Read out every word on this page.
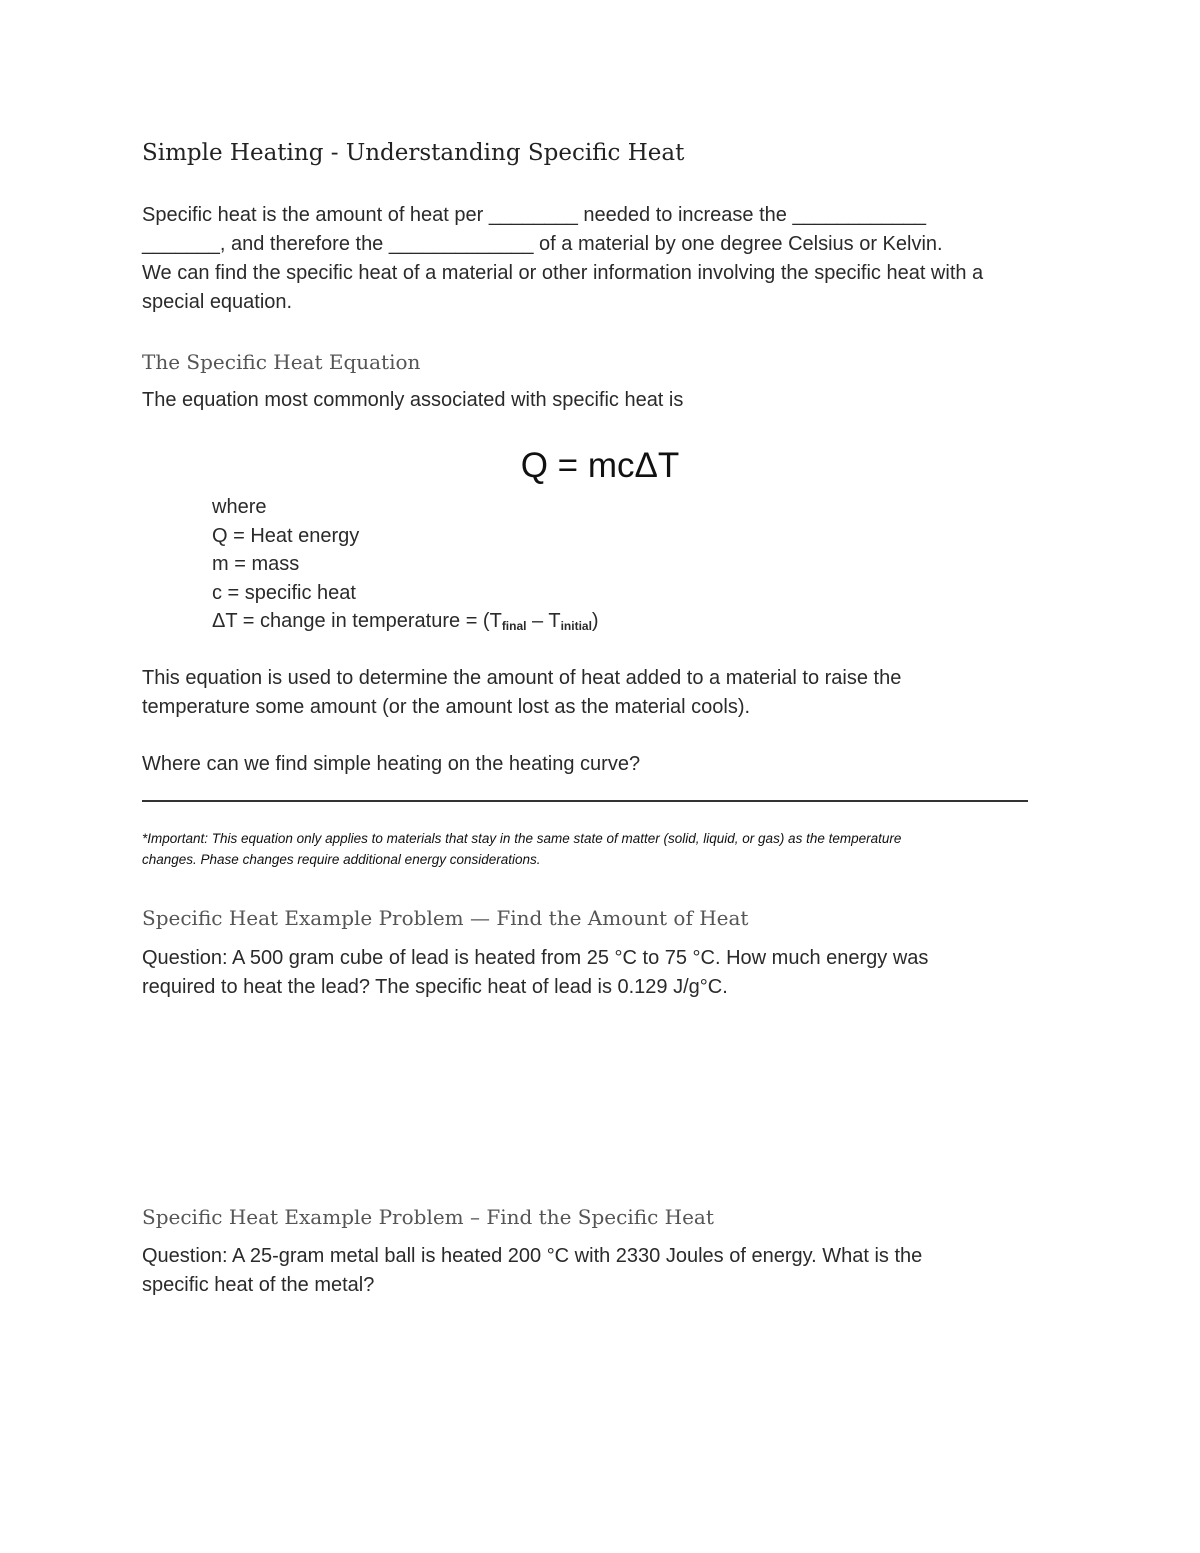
Simple Heating - Understanding Specific Heat

Specific heat is the amount of heat per ________ needed to increase the ____________
_______, and therefore the _____________ of a material by one degree Celsius or Kelvin.
We can find the specific heat of a material or other information involving the specific heat with a
special equation.

The Specific Heat Equation

The equation most commonly associated with specific heat is

Q = mcΔT

where
Q = Heat energy
m = mass
c = specific heat
ΔT = change in temperature = $(T_{final} - T_{initial})$

This equation is used to determine the amount of heat added to a material to raise the
temperature some amount (or the amount lost as the material cools).

Where can we find simple heating on the heating curve?

*Important: This equation only applies to materials that stay in the same state of matter (solid, liquid, or gas) as the temperature
changes. Phase changes require additional energy considerations.

Specific Heat Example Problem — Find the Amount of Heat

Question: A 500 gram cube of lead is heated from 25 °C to 75 °C. How much energy was
required to heat the lead? The specific heat of lead is 0.129 J/g°C.

Specific Heat Example Problem – Find the Specific Heat

Question: A 25-gram metal ball is heated 200 °C with 2330 Joules of energy. What is the
specific heat of the metal?
